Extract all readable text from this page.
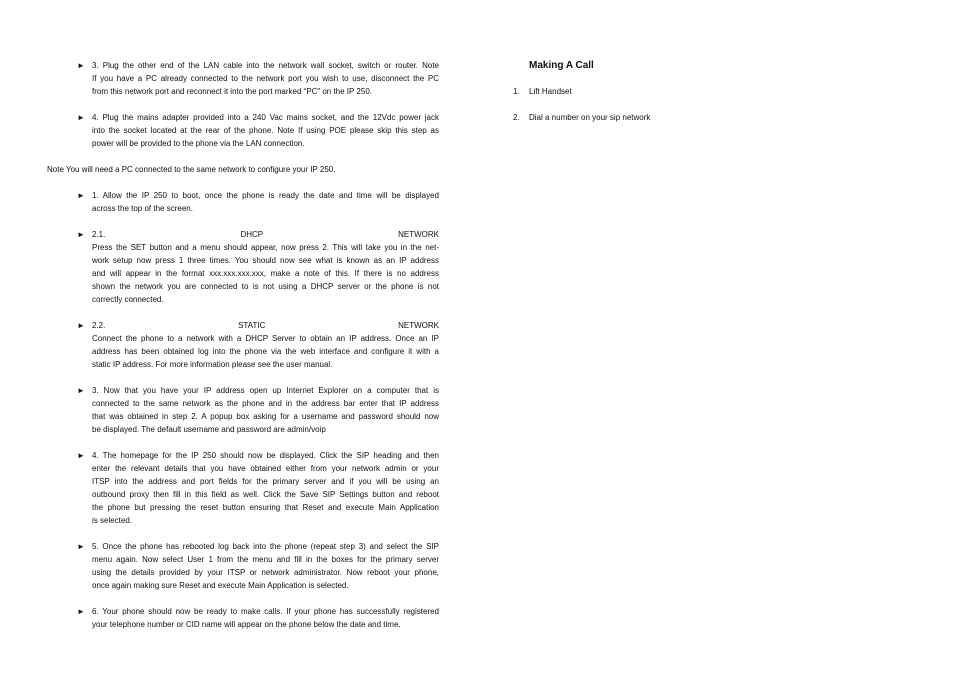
► 3. Plug the other end of the LAN cable into the network wall socket, switch or router. Note
If you have a PC already connected to the network port you wish to use, disconnect the PC
from this network port and reconnect it into the port marked “PC” on the IP 250.
► 4. Plug the mains adapter provided into a 240 Vac mains socket, and the 12Vdc power jack
into the socket located at the rear of the phone. Note If using POE please skip this step as
power will be provided to the phone via the LAN connection.
Note You will need a PC connected to the same network to configure your IP 250.
► 1. Allow the IP 250 to boot, once the phone is ready the date and time will be displayed
across the top of the screen.
► 2.1. DHCP NETWORK
Press the SET button and a menu should appear, now press 2. This will take you in the net-
work setup now press 1 three times. You should now see what is known as an IP address
and will appear in the format xxx.xxx.xxx.xxx, make a note of this. If there is no address
shown the network you are connected to is not using a DHCP server or the phone is not
correctly connected.
► 2.2. STATIC NETWORK
Connect the phone to a network with a DHCP Server to obtain an IP address. Once an IP
address has been obtained log into the phone via the web interface and configure it with a
static IP address. For more information please see the user manual.
► 3. Now that you have your IP address open up Internet Explorer on a computer that is
connected to the same network as the phone and in the address bar enter that IP address
that was obtained in step 2. A popup box asking for a username and password should now
be displayed. The default username and password are admin/voip
► 4. The homepage for the IP 250 should now be displayed. Click the SIP heading and then
enter the relevant details that you have obtained either from your network admin or your
ITSP into the address and port fields for the primary server and if you will be using an
outbound proxy then fill in this field as well. Click the Save SIP Settings button and reboot
the phone but pressing the reset button ensuring that Reset and execute Main Application
is selected.
► 5. Once the phone has rebooted log back into the phone (repeat step 3) and select the SIP
menu again. Now select User 1 from the menu and fill in the boxes for the primary server
using the details provided by your ITSP or network administrator. Now reboot your phone,
once again making sure Reset and execute Main Application is selected.
► 6. Your phone should now be ready to make calls. If your phone has successfully registered
your telephone number or CID name will appear on the phone below the date and time.
Making A Call
1. Lift Handset
2. Dial a number on your sip network
